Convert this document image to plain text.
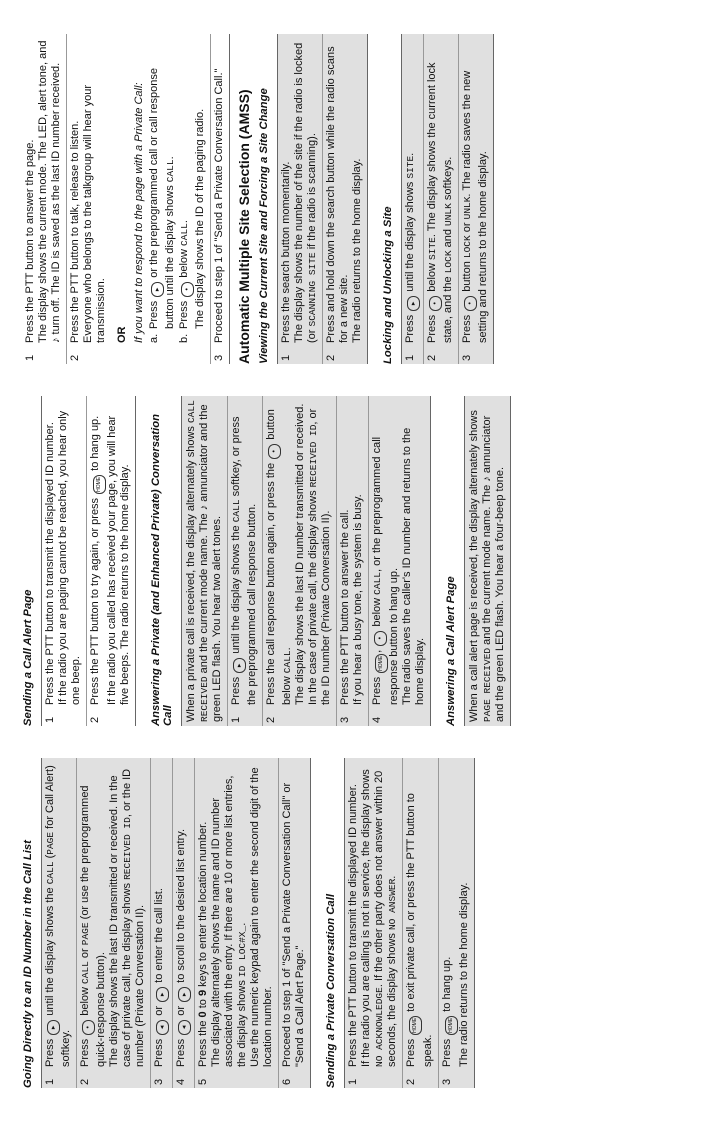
Going Directly to an ID Number in the Call List 1
Press ▸ until the display shows the CALL (PAGE for Call Alert) softkey.
2
Press • below CALL or PAGE (or use the preprogrammed quick-response button).
The display shows the last ID transmitted or received. In the case of private call, the display shows RECEIVED ID, or the ID number (Private Conversation II).
3
Press ◂ or ▸ to enter the call list.
4
Press ◂ or ▸ to scroll to the desired list entry.
5
Press the 0 to 9 keys to enter the location number.
The display alternately shows the name and ID number associated with the entry. If there are 10 or more list entries, the display shows ID LOC#X_.
Use the numeric keypad again to enter the second digit of the location number.
6
Proceed to step 1 of "Send a Private Conversation Call" or "Send a Call Alert Page." Sending a Private Conversation Call 1
Press the PTT button to transmit the displayed ID number.
If the radio you are calling is not in service, the display shows NO ACKNOWLEDGE. If the other party does not answer within 20 seconds, the display shows NO ANSWER.
2
Press HOME to exit private call, or press the PTT button to speak.
3
Press HOME to hang up. The radio returns to the home display.
Sending a Call Alert Page 1
Press the PTT button to transmit the displayed ID number.
If the radio you are paging cannot be reached, you hear only one beep.
2
Press the PTT button to try again, or press HOME to hang up. If the radio you called has received your page, you will hear five beeps. The radio returns to the home display. Answering a Private (and Enhanced Private) Conversation Call When a private call is received, the display alternately shows CALL RECEIVED and the current mode name. The ♪ annunciator and the green LED flash. You hear two alert tones. 1
Press ▸ until the display shows the CALL softkey, or press the preprogrammed call response button.
2
Press the call response button again, or press the • button below CALL.
The display shows the last ID number transmitted or received. In the case of private call, the display shows RECEIVED ID, or the ID number (Private Conversation II).
3
Press the PTT button to answer the call.
If you hear a busy tone, the system is busy.
4
Press HOME, • below CALL, or the preprogrammed call response button to hang up.
The radio saves the caller's ID number and returns to the home display. Answering a Call Alert Page When a call alert page is received, the display alternately shows PAGE RECEIVED and the current mode name. The ♪ annunciator and the green LED flash. You hear a four-beep tone.
1
Press the PTT button to answer the page.
The display shows the current mode. The LED, alert tone, and ♪ turn off. The ID is saved as the last ID number received.
2
Press the PTT button to talk, release to listen.
Everyone who belongs to the talkgroup will hear your transmission. OR If you want to respond to the page with a Private Call: a.
Press ▸ or the preprogrammed call or call response button until the display shows CALL.
b.
Press • below CALL. The display shows the ID of the paging radio.
3
Proceed to step 1 of "Send a Private Conversation Call." Automatic Multiple Site Selection (AMSS) Viewing the Current Site and Forcing a Site Change 1
Press the search button momentarily.
The display shows the number of the site if the radio is locked (or SCANNING SITE if the radio is scanning).
2
Press and hold down the search button while the radio scans for a new site.
The radio returns to the home display. Locking and Unlocking a Site 1
Press ▸ until the display shows SITE.
2
Press • below SITE. The display shows the current lock state, and the LOCK and UNLK softkeys.
3
Press • button LOCK or UNLK. The radio saves the new setting and returns to the home display.
